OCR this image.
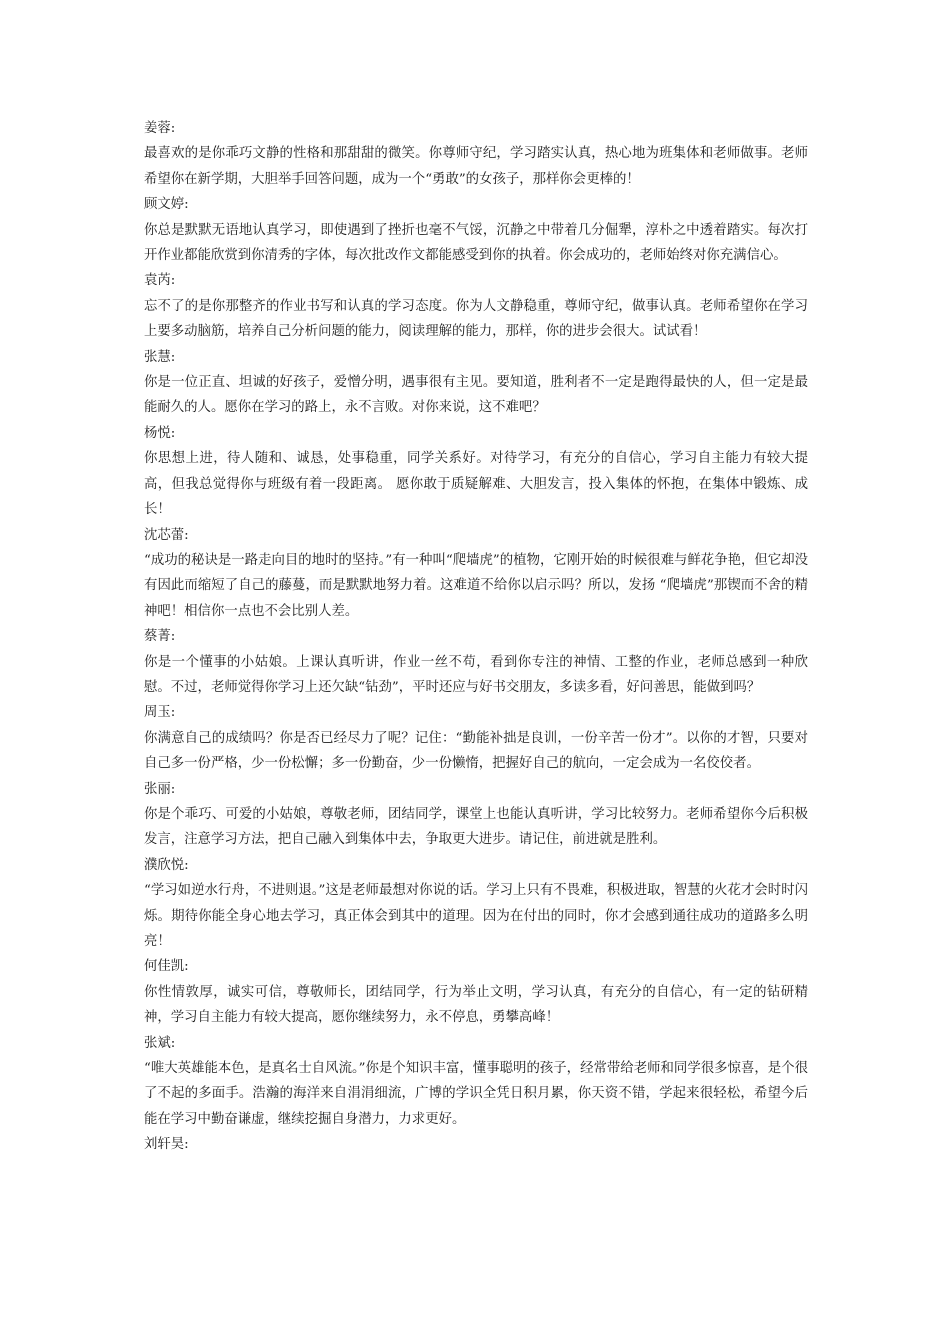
姜蓉:

最喜欢的是你乖巧文静的性格和那甜甜的微笑。你尊师守纪，学习踏实认真，热心地为班集体和老师做事。老师希望你在新学期，大胆举手回答问题，成为一个“勇敢”的女孩子，那样你会更棒的！

顾文婷:

你总是默默无语地认真学习，即使遇到了挫折也毫不气馁，沉静之中带着几分倔犟，淳朴之中透着踏实。每次打开作业都能欣赏到你清秀的字体，每次批改作文都能感受到你的执着。你会成功的，老师始终对你充满信心。

袁芮:

忘不了的是你那整齐的作业书写和认真的学习态度。你为人文静稳重，尊师守纪，做事认真。老师希望你在学习上要多动脑筋，培养自己分析问题的能力，阅读理解的能力，那样，你的进步会很大。试试看！

张慧:

你是一位正直、坦诚的好孩子，爱憎分明，遇事很有主见。要知道，胜利者不一定是跑得最快的人，但一定是最能耐久的人。愿你在学习的路上，永不言败。对你来说，这不难吧？

杨悦:

你思想上进，待人随和、诚恳，处事稳重，同学关系好。对待学习，有充分的自信心，学习自主能力有较大提高，但我总觉得你与班级有着一段距离。 愿你敢于质疑解难、大胆发言，投入集体的怀抱，在集体中锻炼、成长！

沈芯蕾:

“成功的秘诀是一路走向目的地时的坚持。”有一种叫“爬墙虎”的植物，它刚开始的时候很难与鲜花争艳，但它却没有因此而缩短了自己的藤蔓，而是默默地努力着。这难道不给你以启示吗？所以，发扬 “爬墙虎”那锲而不舍的精神吧！相信你一点也不会比别人差。

蔡菁:

你是一个懂事的小姑娘。上课认真听讲，作业一丝不苟，看到你专注的神情、工整的作业，老师总感到一种欣慰。不过，老师觉得你学习上还欠缺“钻劲”，平时还应与好书交朋友，多读多看，好问善思，能做到吗？

周玉:

你满意自己的成绩吗？你是否已经尽力了呢？记住：“勤能补拙是良训，一份辛苦一份才”。以你的才智，只要对自己多一份严格，少一份松懈；多一份勤奋，少一份懒惰，把握好自己的航向，一定会成为一名佼佼者。

张丽:

你是个乖巧、可爱的小姑娘，尊敬老师，团结同学，课堂上也能认真听讲，学习比较努力。老师希望你今后积极发言，注意学习方法，把自己融入到集体中去，争取更大进步。请记住，前进就是胜利。

濮欣悦:

“学习如逆水行舟，不进则退。”这是老师最想对你说的话。学习上只有不畏难，积极进取，智慧的火花才会时时闪烁。期待你能全身心地去学习，真正体会到其中的道理。因为在付出的同时，你才会感到通往成功的道路多么明亮！

何佳凯:

你性情敦厚，诚实可信，尊敬师长，团结同学，行为举止文明，学习认真，有充分的自信心，有一定的钻研精神，学习自主能力有较大提高，愿你继续努力，永不停息，勇攀高峰！

张斌:

“唯大英雄能本色，是真名士自风流。”你是个知识丰富，懂事聪明的孩子，经常带给老师和同学很多惊喜，是个很了不起的多面手。浩瀚的海洋来自涓涓细流，广博的学识全凭日积月累，你天资不错，学起来很轻松，希望今后能在学习中勤奋谦虚，继续挖掘自身潜力，力求更好。

刘轩昊:
